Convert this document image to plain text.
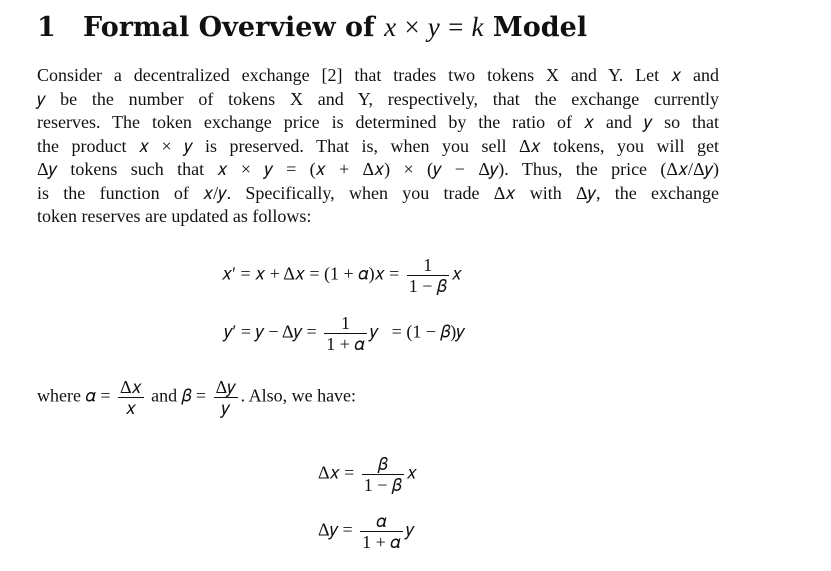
1 Formal Overview of x × y = k Model
Consider a decentralized exchange [2] that trades two tokens X and Y. Let 𝑥 and
𝑦 be the number of tokens X and Y, respectively, that the exchange currently
reserves. The token exchange price is determined by the ratio of 𝑥 and 𝑦 so that
the product 𝑥 × 𝑦 is preserved. That is, when you sell Δ𝑥 tokens, you will get
Δ𝑦 tokens such that 𝑥 × 𝑦 = (𝑥 + Δ𝑥) × (𝑦 − Δ𝑦). Thus, the price (Δ𝑥/Δ𝑦)
is the function of 𝑥/𝑦. Specifically, when you trade Δ𝑥 with Δ𝑦, the exchange
token reserves are updated as follows:
𝑥′ = 𝑥 + Δ𝑥 = (1 + 𝛼)𝑥 = $\frac{1}{\text{1 − 𝛽}}$ 𝑥
𝑦′ = 𝑦 − Δ𝑦 = $\frac{1}{\text{1 + 𝛼}}$ 𝑦 = (1 − 𝛽)𝑦
where 𝛼 = $\frac{\text{Δ𝑥}}{\text{𝑥}}$ and 𝛽 = $\frac{\text{Δ𝑦}}{\text{𝑦}}$ . Also, we have:
Δ𝑥 = $\frac{\text{𝛽}}{\text{1 − 𝛽}}$ 𝑥
Δ𝑦 = $\frac{\text{𝛼}}{\text{1 + 𝛼}}$ 𝑦
